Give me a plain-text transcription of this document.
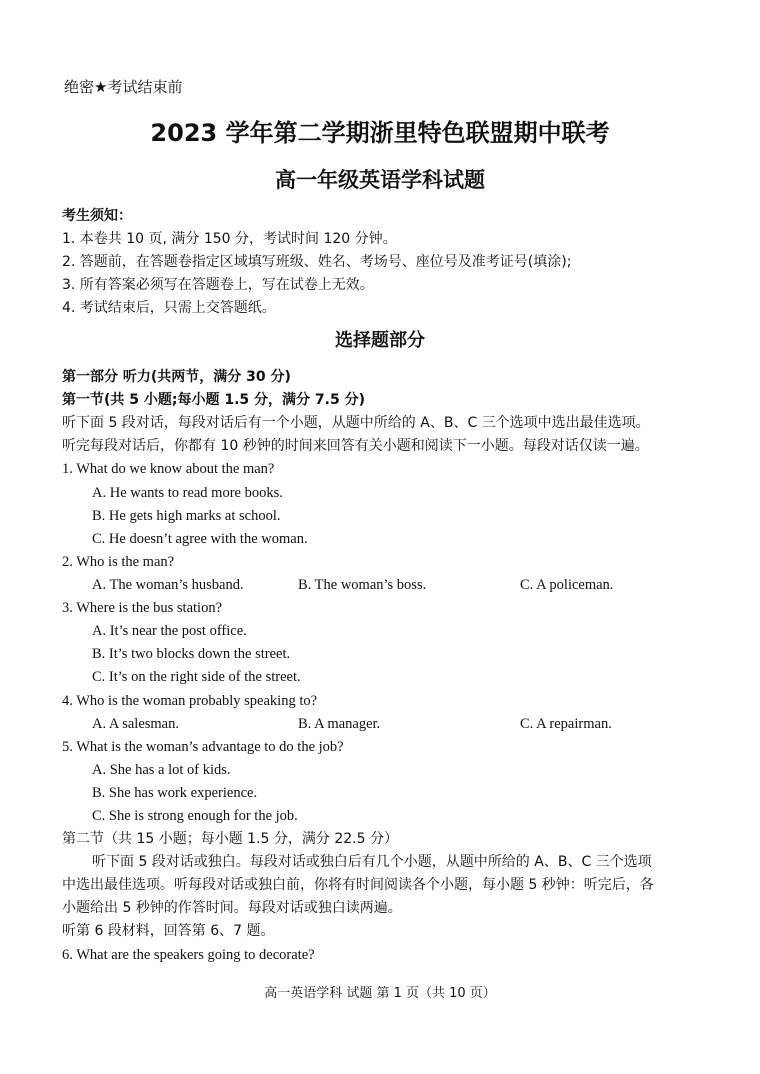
绝密★考试结束前
2023 学年第二学期浙里特色联盟期中联考
高一年级英语学科试题
考生须知：
1. 本卷共 10 页, 满分 150 分，考试时间 120 分钟。
2. 答题前，在答题卷指定区域填写班级、姓名、考场号、座位号及准考证号(填涂);
3. 所有答案必须写在答题卷上，写在试卷上无效。
4. 考试结束后，只需上交答题纸。
选择题部分
第一部分 听力(共两节，满分 30 分)
第一节(共 5 小题;每小题 1.5 分，满分 7.5 分)
听下面 5 段对话，每段对话后有一个小题，从题中所给的 A、B、C 三个选项中选出最佳选项。
听完每段对话后，你都有 10 秒钟的时间来回答有关小题和阅读下一小题。每段对话仅读一遍。
1. What do we know about the man?
A. He wants to read more books.
B. He gets high marks at school.
C. He doesn’t agree with the woman.
2. Who is the man?
A. The woman’s husband.	B. The woman’s boss.	C. A policeman.
3. Where is the bus station?
A. It’s near the post office.
B. It’s two blocks down the street.
C. It’s on the right side of the street.
4. Who is the woman probably speaking to?
A. A salesman.	B. A manager.	C. A repairman.
5. What is the woman’s advantage to do the job?
A. She has a lot of kids.
B. She has work experience.
C. She is strong enough for the job.
第二节（共 15 小题；每小题 1.5 分，满分 22.5 分）
听下面 5 段对话或独白。每段对话或独白后有几个小题，从题中所给的 A、B、C 三个选项
中选出最佳选项。听每段对话或独白前，你将有时间阅读各个小题，每小题 5 秒钟：听完后，各
小题给出 5 秒钟的作答时间。每段对话或独白读两遍。
听第 6 段材料，回答第 6、7 题。
6. What are the speakers going to decorate?
高一英语学科 试题 第 1 页（共 10 页）
